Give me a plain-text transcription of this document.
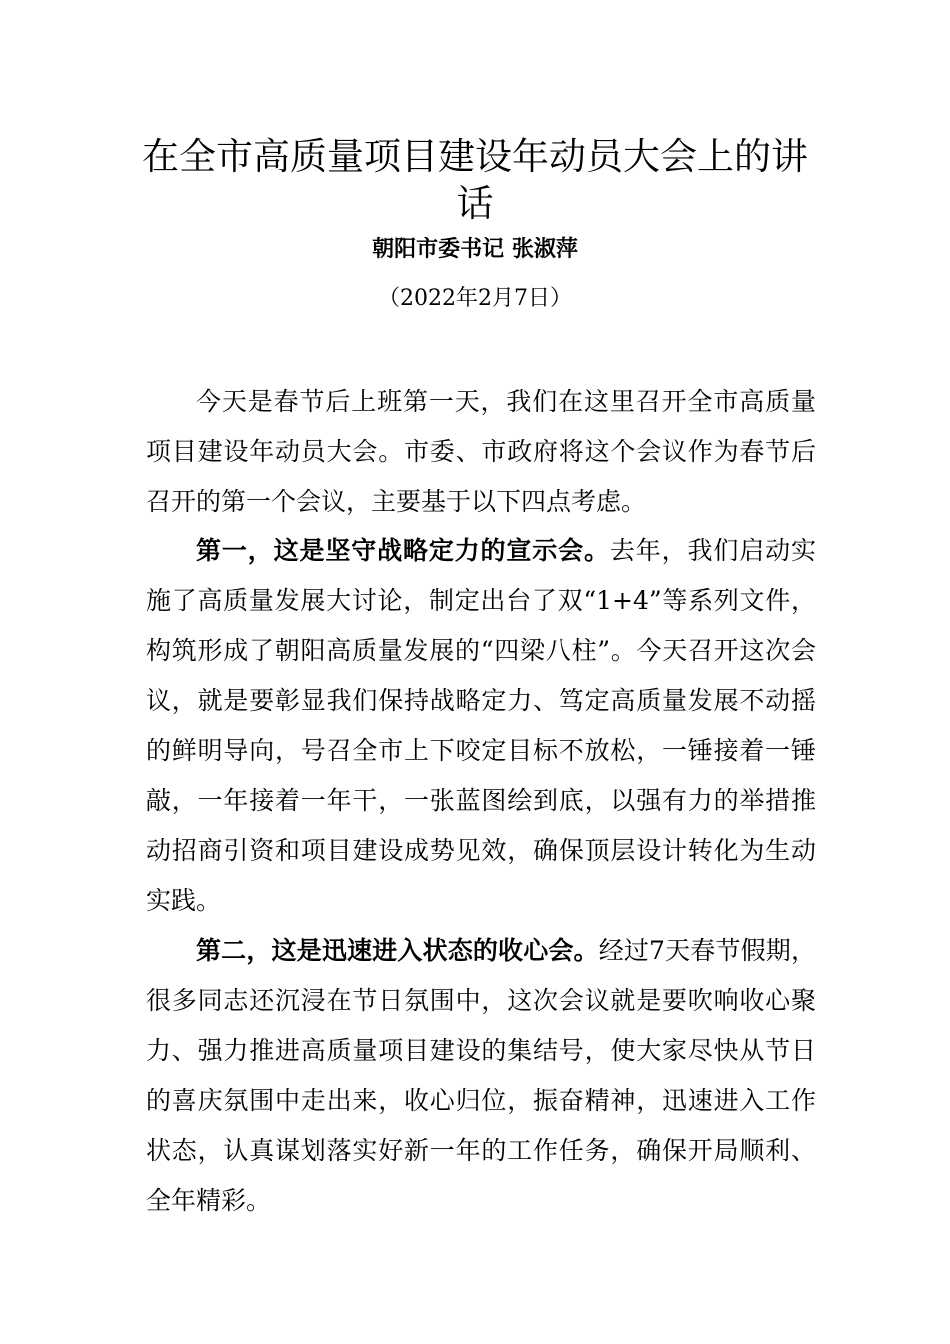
在全市高质量项目建设年动员大会上的讲
话
朝阳市委书记 张淑萍
（2022年2月7日）

今天是春节后上班第一天，我们在这里召开全市高质量项目建设年动员大会。市委、市政府将这个会议作为春节后召开的第一个会议，主要基于以下四点考虑。

第一，这是坚守战略定力的宣示会。去年，我们启动实施了高质量发展大讨论，制定出台了双“1+4”等系列文件，构筑形成了朝阳高质量发展的“四梁八柱”。今天召开这次会议，就是要彰显我们保持战略定力、笃定高质量发展不动摇的鲜明导向，号召全市上下咬定目标不放松，一锤接着一锤敲，一年接着一年干，一张蓝图绘到底，以强有力的举措推动招商引资和项目建设成势见效，确保顶层设计转化为生动实践。

第二，这是迅速进入状态的收心会。经过7天春节假期，很多同志还沉浸在节日氛围中，这次会议就是要吹响收心聚力、强力推进高质量项目建设的集结号，使大家尽快从节日的喜庆氛围中走出来，收心归位，振奋精神，迅速进入工作状态，认真谋划落实好新一年的工作任务，确保开局顺利、全年精彩。
